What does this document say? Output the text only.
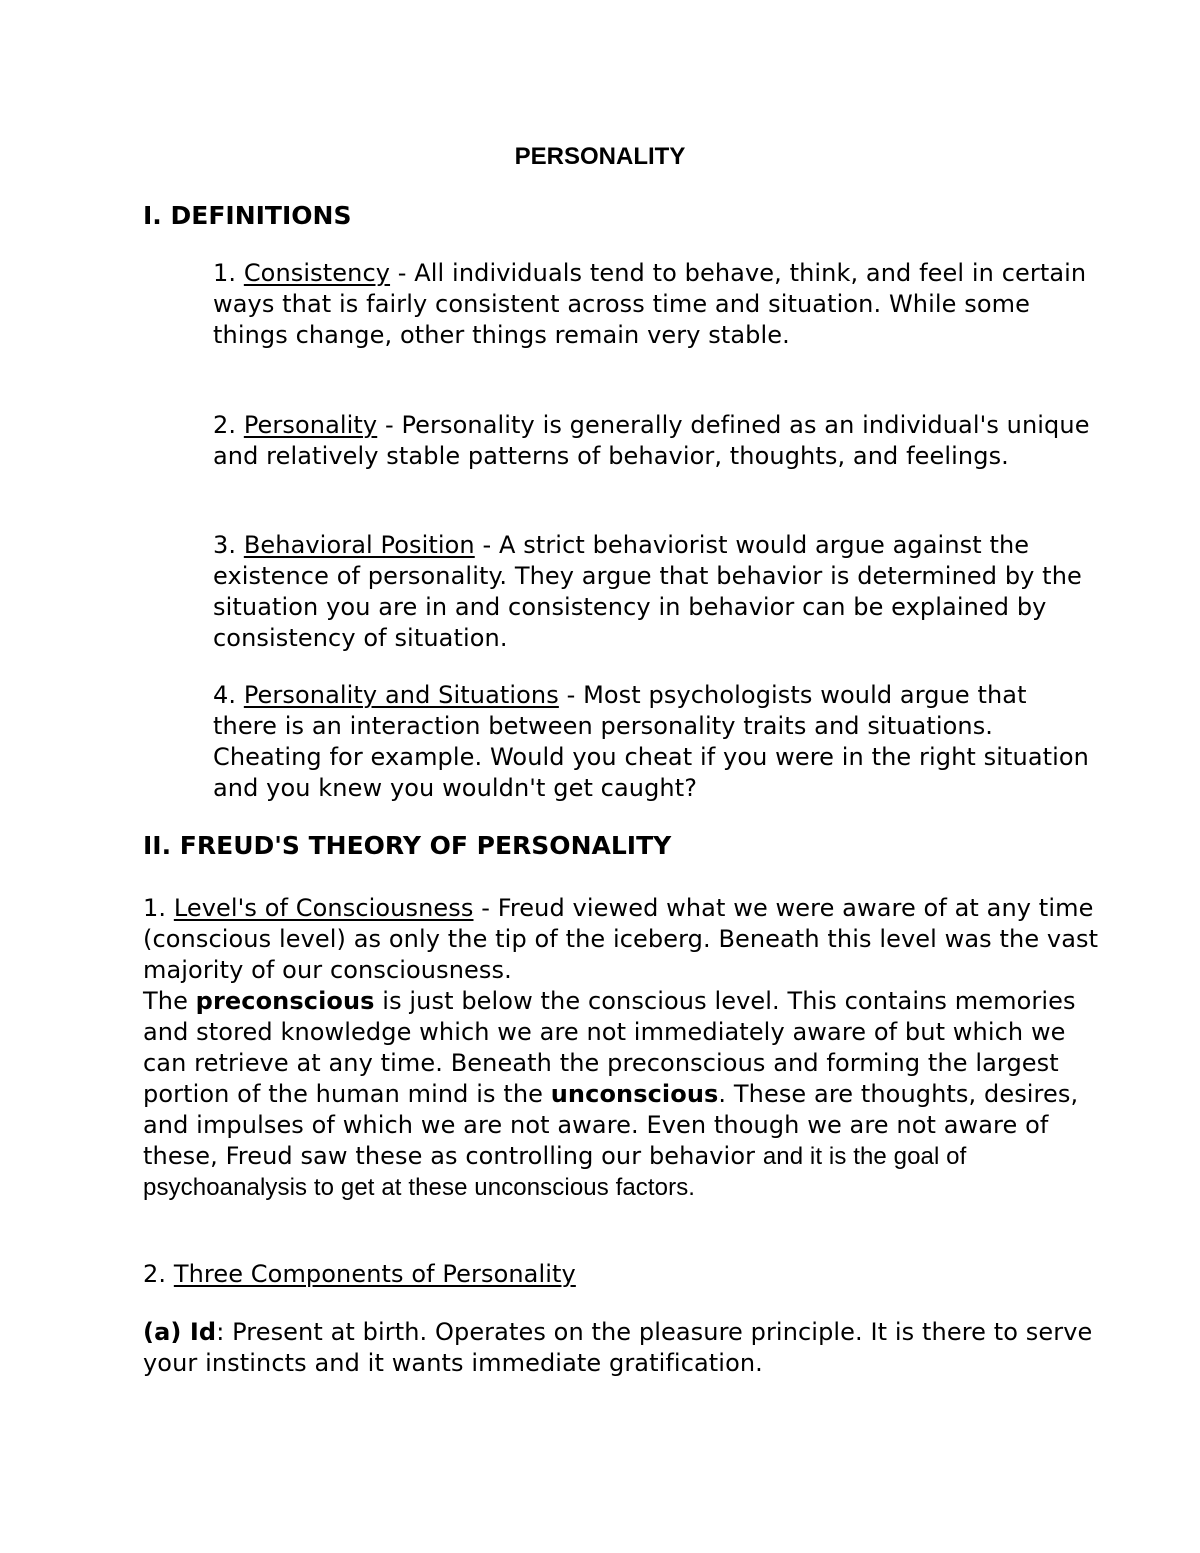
PERSONALITY
I. DEFINITIONS

1. Consistency - All individuals tend to behave, think, and feel in certain ways that is fairly consistent across time and situation. While some things change, other things remain very stable.

2. Personality - Personality is generally defined as an individual's unique and relatively stable patterns of behavior, thoughts, and feelings.

3. Behavioral Position - A strict behaviorist would argue against the existence of personality. They argue that behavior is determined by the situation you are in and consistency in behavior can be explained by consistency of situation.

4. Personality and Situations - Most psychologists would argue that there is an interaction between personality traits and situations. Cheating for example. Would you cheat if you were in the right situation and you knew you wouldn't get caught?

II. FREUD'S THEORY OF PERSONALITY

1. Level's of Consciousness - Freud viewed what we were aware of at any time (conscious level) as only the tip of the iceberg. Beneath this level was the vast majority of our consciousness.
The preconscious is just below the conscious level. This contains memories and stored knowledge which we are not immediately aware of but which we can retrieve at any time. Beneath the preconscious and forming the largest portion of the human mind is the unconscious. These are thoughts, desires, and impulses of which we are not aware. Even though we are not aware of these, Freud saw these as controlling our behavior and it is the goal of psychoanalysis to get at these unconscious factors.

2. Three Components of Personality

(a) Id: Present at birth. Operates on the pleasure principle. It is there to serve your instincts and it wants immediate gratification.
